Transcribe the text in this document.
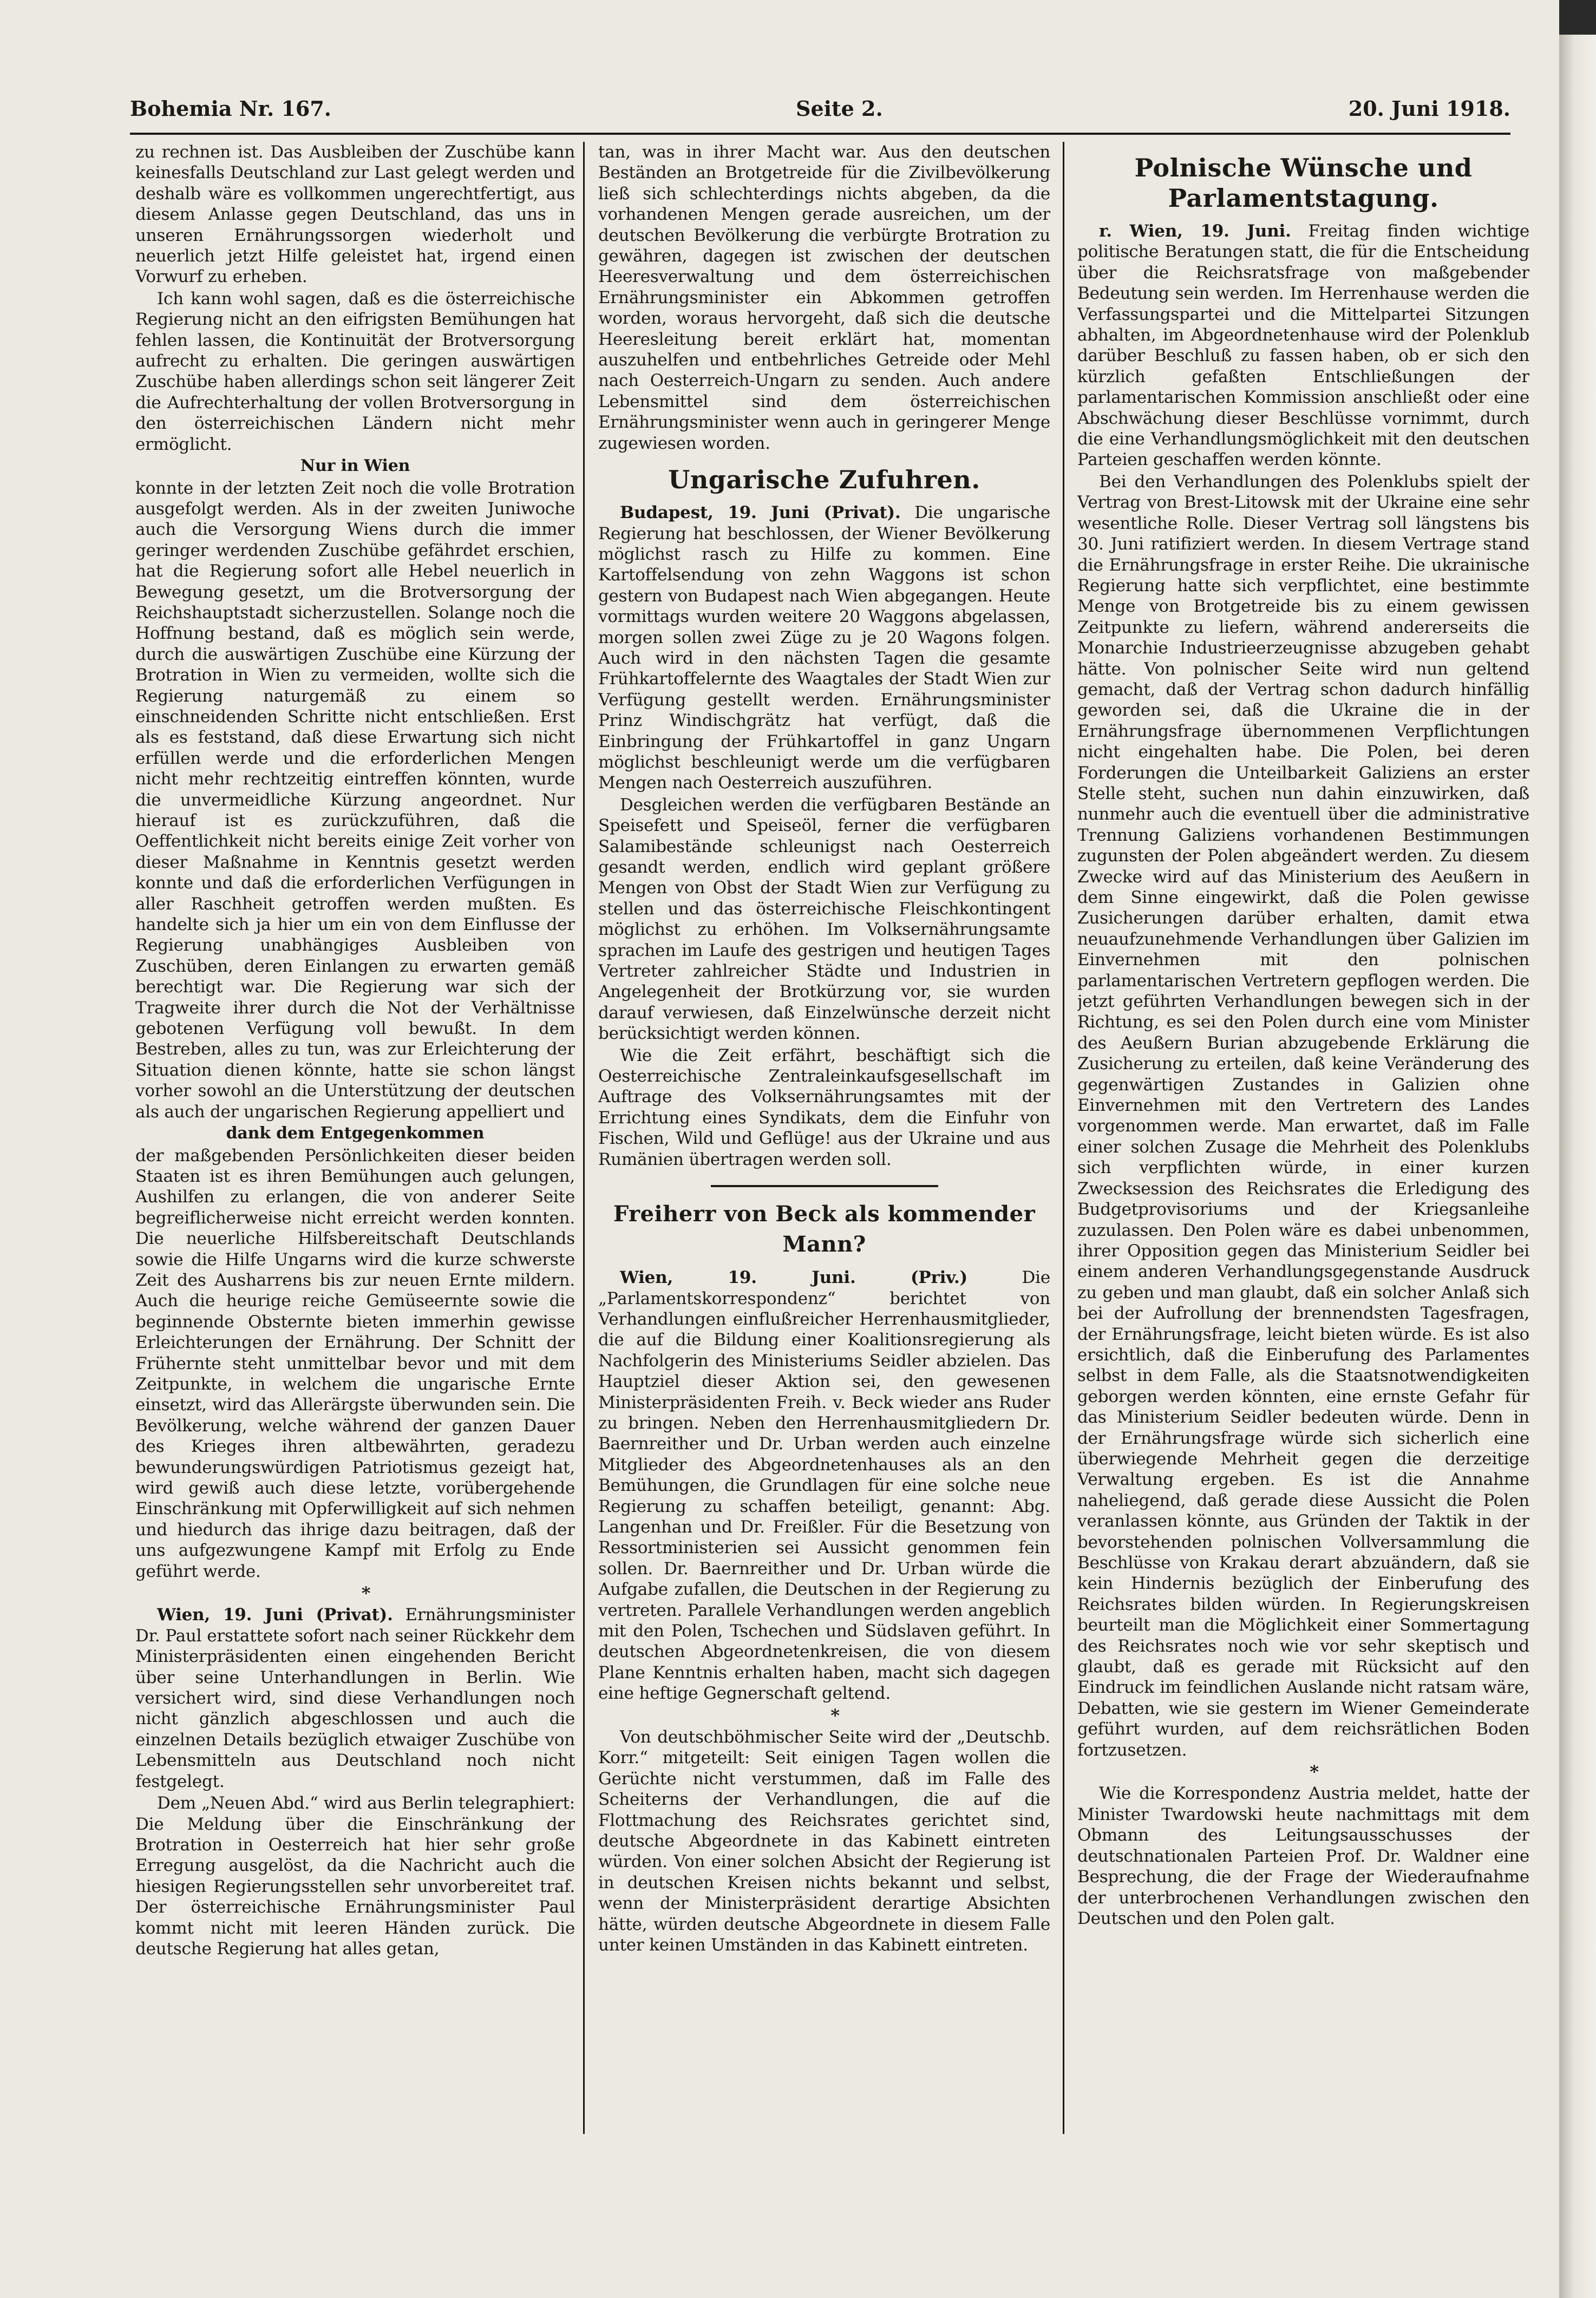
Bohemia Nr. 167.	Seite 2.	20. Juni 1918.

zu rechnen ist. Das Ausbleiben der Zuschübe kann keinesfalls Deutschland zur Last gelegt werden und deshalb wäre es vollkommen ungerechtfertigt, aus diesem Anlasse gegen Deutschland, das uns in unseren Ernährungssorgen wiederholt und neuerlich jetzt Hilfe geleistet hat, irgend einen Vorwurf zu erheben.

Ich kann wohl sagen, daß es die österreichische Regierung nicht an den eifrigsten Bemühungen hat fehlen lassen, die Kontinuität der Brotversorgung aufrecht zu erhalten. Die geringen auswärtigen Zuschübe haben allerdings schon seit längerer Zeit die Aufrechterhaltung der vollen Brotversorgung in den österreichischen Ländern nicht mehr ermöglicht.

Nur in Wien

konnte in der letzten Zeit noch die volle Brotration ausgefolgt werden. Als in der zweiten Juniwoche auch die Versorgung Wiens durch die immer geringer werdenden Zuschübe gefährdet erschien, hat die Regierung sofort alle Hebel neuerlich in Bewegung gesetzt, um die Brotversorgung der Reichshauptstadt sicherzustellen. Solange noch die Hoffnung bestand, daß es möglich sein werde, durch die auswärtigen Zuschübe eine Kürzung der Brotration in Wien zu vermeiden, wollte sich die Regierung naturgemäß zu einem so einschneidenden Schritte nicht entschließen. Erst als es feststand, daß diese Erwartung sich nicht erfüllen werde und die erforderlichen Mengen nicht mehr rechtzeitig eintreffen könnten, wurde die unvermeidliche Kürzung angeordnet. Nur hierauf ist es zurückzuführen, daß die Oeffentlichkeit nicht bereits einige Zeit vorher von dieser Maßnahme in Kenntnis gesetzt werden konnte und daß die erforderlichen Verfügungen in aller Raschheit getroffen werden mußten. Es handelte sich ja hier um ein von dem Einflusse der Regierung unabhängiges Ausbleiben von Zuschüben, deren Einlangen zu erwarten gemäß berechtigt war. Die Regierung war sich der Tragweite ihrer durch die Not der Verhältnisse gebotenen Verfügung voll bewußt. In dem Bestreben, alles zu tun, was zur Erleichterung der Situation dienen könnte, hatte sie schon längst vorher sowohl an die Unterstützung der deutschen als auch der ungarischen Regierung appelliert und

dank dem Entgegenkommen

der maßgebenden Persönlichkeiten dieser beiden Staaten ist es ihren Bemühungen auch gelungen, Aushilfen zu erlangen, die von anderer Seite begreiflicherweise nicht erreicht werden konnten. Die neuerliche Hilfsbereitschaft Deutschlands sowie die Hilfe Ungarns wird die kurze schwerste Zeit des Ausharrens bis zur neuen Ernte mildern. Auch die heurige reiche Gemüseernte sowie die beginnende Obsternte bieten immerhin gewisse Erleichterungen der Ernährung. Der Schnitt der Frühernte steht unmittelbar bevor und mit dem Zeitpunkte, in welchem die ungarische Ernte einsetzt, wird das Allerärgste überwunden sein. Die Bevölkerung, welche während der ganzen Dauer des Krieges ihren altbewährten, geradezu bewunderungswürdigen Patriotismus gezeigt hat, wird gewiß auch diese letzte, vorübergehende Einschränkung mit Opferwilligkeit auf sich nehmen und hiedurch das ihrige dazu beitragen, daß der uns aufgezwungene Kampf mit Erfolg zu Ende geführt werde.

*

Wien, 19. Juni (Privat). Ernährungsminister Dr. Paul erstattete sofort nach seiner Rückkehr dem Ministerpräsidenten einen eingehenden Bericht über seine Unterhandlungen in Berlin. Wie versichert wird, sind diese Verhandlungen noch nicht gänzlich abgeschlossen und auch die einzelnen Details bezüglich etwaiger Zuschübe von Lebensmitteln aus Deutschland noch nicht festgelegt.

Dem „Neuen Abd.“ wird aus Berlin telegraphiert: Die Meldung über die Einschränkung der Brotration in Oesterreich hat hier sehr große Erregung ausgelöst, da die Nachricht auch die hiesigen Regierungsstellen sehr unvorbereitet traf. Der österreichische Ernährungsminister Paul kommt nicht mit leeren Händen zurück. Die deutsche Regierung hat alles getan,

tan, was in ihrer Macht war. Aus den deutschen Beständen an Brotgetreide für die Zivilbevölkerung ließ sich schlechterdings nichts abgeben, da die vorhandenen Mengen gerade ausreichen, um der deutschen Bevölkerung die verbürgte Brotration zu gewähren, dagegen ist zwischen der deutschen Heeresverwaltung und dem österreichischen Ernährungsminister ein Abkommen getroffen worden, woraus hervorgeht, daß sich die deutsche Heeresleitung bereit erklärt hat, momentan auszuhelfen und entbehrliches Getreide oder Mehl nach Oesterreich-Ungarn zu senden. Auch andere Lebensmittel sind dem österreichischen Ernährungsminister wenn auch in geringerer Menge zugewiesen worden.

Ungarische Zufuhren.

Budapest, 19. Juni (Privat). Die ungarische Regierung hat beschlossen, der Wiener Bevölkerung möglichst rasch zu Hilfe zu kommen. Eine Kartoffelsendung von zehn Waggons ist schon gestern von Budapest nach Wien abgegangen. Heute vormittags wurden weitere 20 Waggons abgelassen, morgen sollen zwei Züge zu je 20 Wagons folgen. Auch wird in den nächsten Tagen die gesamte Frühkartoffelernte des Waagtales der Stadt Wien zur Verfügung gestellt werden. Ernährungsminister Prinz Windischgrätz hat verfügt, daß die Einbringung der Frühkartoffel in ganz Ungarn möglichst beschleunigt werde um die verfügbaren Mengen nach Oesterreich auszuführen.

Desgleichen werden die verfügbaren Bestände an Speisefett und Speiseöl, ferner die verfügbaren Salamibestände schleunigst nach Oesterreich gesandt werden, endlich wird geplant größere Mengen von Obst der Stadt Wien zur Verfügung zu stellen und das österreichische Fleischkontingent möglichst zu erhöhen. Im Volksernährungsamte sprachen im Laufe des gestrigen und heutigen Tages Vertreter zahlreicher Städte und Industrien in Angelegenheit der Brotkürzung vor, sie wurden darauf verwiesen, daß Einzelwünsche derzeit nicht berücksichtigt werden können.

Wie die Zeit erfährt, beschäftigt sich die Oesterreichische Zentraleinkaufsgesellschaft im Auftrage des Volksernährungsamtes mit der Errichtung eines Syndikats, dem die Einfuhr von Fischen, Wild und Geflüge! aus der Ukraine und aus Rumänien übertragen werden soll.

Freiherr von Beck als kommender Mann?

Wien, 19. Juni. (Priv.) Die „Parlamentskorrespondenz“ berichtet von Verhandlungen einflußreicher Herrenhausmitglieder, die auf die Bildung einer Koalitionsregierung als Nachfolgerin des Ministeriums Seidler abzielen. Das Hauptziel dieser Aktion sei, den gewesenen Ministerpräsidenten Freih. v. Beck wieder ans Ruder zu bringen. Neben den Herrenhausmitgliedern Dr. Baernreither und Dr. Urban werden auch einzelne Mitglieder des Abgeordnetenhauses als an den Bemühungen, die Grundlagen für eine solche neue Regierung zu schaffen beteiligt, genannt: Abg. Langenhan und Dr. Freißler. Für die Besetzung von Ressortministerien sei Aussicht genommen fein sollen. Dr. Baernreither und Dr. Urban würde die Aufgabe zufallen, die Deutschen in der Regierung zu vertreten. Parallele Verhandlungen werden angeblich mit den Polen, Tschechen und Südslaven geführt. In deutschen Abgeordnetenkreisen, die von diesem Plane Kenntnis erhalten haben, macht sich dagegen eine heftige Gegnerschaft geltend.

*

Von deutschböhmischer Seite wird der „Deutschb. Korr.“ mitgeteilt: Seit einigen Tagen wollen die Gerüchte nicht verstummen, daß im Falle des Scheiterns der Verhandlungen, die auf die Flottmachung des Reichsrates gerichtet sind, deutsche Abgeordnete in das Kabinett eintreten würden. Von einer solchen Absicht der Regierung ist in deutschen Kreisen nichts bekannt und selbst, wenn der Ministerpräsident derartige Absichten hätte, würden deutsche Abgeordnete in diesem Falle unter keinen Umständen in das Kabinett eintreten.

Polnische Wünsche und Parlamentstagung.

r. Wien, 19. Juni. Freitag finden wichtige politische Beratungen statt, die für die Entscheidung über die Reichsratsfrage von maßgebender Bedeutung sein werden. Im Herrenhause werden die Verfassungspartei und die Mittelpartei Sitzungen abhalten, im Abgeordnetenhause wird der Polenklub darüber Beschluß zu fassen haben, ob er sich den kürzlich gefaßten Entschließungen der parlamentarischen Kommission anschließt oder eine Abschwächung dieser Beschlüsse vornimmt, durch die eine Verhandlungsmöglichkeit mit den deutschen Parteien geschaffen werden könnte.

Bei den Verhandlungen des Polenklubs spielt der Vertrag von Brest-Litowsk mit der Ukraine eine sehr wesentliche Rolle. Dieser Vertrag soll längstens bis 30. Juni ratifiziert werden. In diesem Vertrage stand die Ernährungsfrage in erster Reihe. Die ukrainische Regierung hatte sich verpflichtet, eine bestimmte Menge von Brotgetreide bis zu einem gewissen Zeitpunkte zu liefern, während andererseits die Monarchie Industrieerzeugnisse abzugeben gehabt hätte. Von polnischer Seite wird nun geltend gemacht, daß der Vertrag schon dadurch hinfällig geworden sei, daß die Ukraine die in der Ernährungsfrage übernommenen Verpflichtungen nicht eingehalten habe. Die Polen, bei deren Forderungen die Unteilbarkeit Galiziens an erster Stelle steht, suchen nun dahin einzuwirken, daß nunmehr auch die eventuell über die administrative Trennung Galiziens vorhandenen Bestimmungen zugunsten der Polen abgeändert werden. Zu diesem Zwecke wird auf das Ministerium des Aeußern in dem Sinne eingewirkt, daß die Polen gewisse Zusicherungen darüber erhalten, damit etwa neuaufzunehmende Verhandlungen über Galizien im Einvernehmen mit den polnischen parlamentarischen Vertretern gepflogen werden. Die jetzt geführten Verhandlungen bewegen sich in der Richtung, es sei den Polen durch eine vom Minister des Aeußern Burian abzugebende Erklärung die Zusicherung zu erteilen, daß keine Veränderung des gegenwärtigen Zustandes in Galizien ohne Einvernehmen mit den Vertretern des Landes vorgenommen werde. Man erwartet, daß im Falle einer solchen Zusage die Mehrheit des Polenklubs sich verpflichten würde, in einer kurzen Zwecksession des Reichsrates die Erledigung des Budgetprovisoriums und der Kriegsanleihe zuzulassen. Den Polen wäre es dabei unbenommen, ihrer Opposition gegen das Ministerium Seidler bei einem anderen Verhandlungsgegenstande Ausdruck zu geben und man glaubt, daß ein solcher Anlaß sich bei der Aufrollung der brennendsten Tagesfragen, der Ernährungsfrage, leicht bieten würde. Es ist also ersichtlich, daß die Einberufung des Parlamentes selbst in dem Falle, als die Staatsnotwendigkeiten geborgen werden könnten, eine ernste Gefahr für das Ministerium Seidler bedeuten würde. Denn in der Ernährungsfrage würde sich sicherlich eine überwiegende Mehrheit gegen die derzeitige Verwaltung ergeben. Es ist die Annahme naheliegend, daß gerade diese Aussicht die Polen veranlassen könnte, aus Gründen der Taktik in der bevorstehenden polnischen Vollversammlung die Beschlüsse von Krakau derart abzuändern, daß sie kein Hindernis bezüglich der Einberufung des Reichsrates bilden würden. In Regierungskreisen beurteilt man die Möglichkeit einer Sommertagung des Reichsrates noch wie vor sehr skeptisch und glaubt, daß es gerade mit Rücksicht auf den Eindruck im feindlichen Auslande nicht ratsam wäre, Debatten, wie sie gestern im Wiener Gemeinderate geführt wurden, auf dem reichsrätlichen Boden fortzusetzen.

*

Wie die Korrespondenz Austria meldet, hatte der Minister Twardowski heute nachmittags mit dem Obmann des Leitungsausschusses der deutschnationalen Parteien Prof. Dr. Waldner eine Besprechung, die der Frage der Wiederaufnahme der unterbrochenen Verhandlungen zwischen den Deutschen und den Polen galt.
